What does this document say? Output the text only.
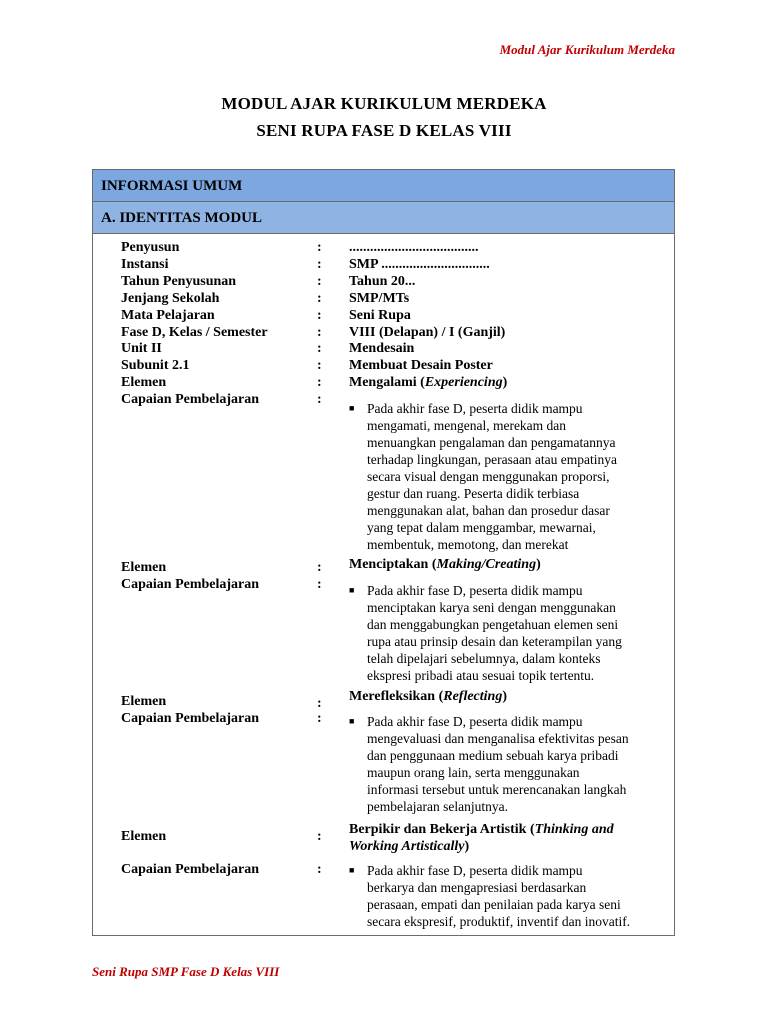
Modul Ajar Kurikulum Merdeka
MODUL AJAR KURIKULUM MERDEKA
SENI RUPA FASE D KELAS VIII
INFORMASI UMUM
A. IDENTITAS MODUL
Penyusun	: .....................................
Instansi	: SMP ...............................
Tahun Penyusunan	: Tahun 20...
Jenjang Sekolah	: SMP/MTs
Mata Pelajaran	: Seni Rupa
Fase D, Kelas / Semester	: VIII (Delapan) / I (Ganjil)
Unit II	: Mendesain
Subunit 2.1	: Membuat Desain Poster
Elemen	: Mengalami (Experiencing)
Capaian Pembelajaran	:
■ Pada akhir fase D, peserta didik mampu
mengamati, mengenal, merekam dan
menuangkan pengalaman dan pengamatannya
terhadap lingkungan, perasaan atau empatinya
secara visual dengan menggunakan proporsi,
gestur dan ruang. Peserta didik terbiasa
menggunakan alat, bahan dan prosedur dasar
yang tepat dalam menggambar, mewarnai,
membentuk, memotong, dan merekat
Elemen	: Menciptakan (Making/Creating)
Capaian Pembelajaran	:	■ Pada akhir fase D, peserta didik mampu
menciptakan karya seni dengan menggunakan
dan menggabungkan pengetahuan elemen seni
rupa atau prinsip desain dan keterampilan yang
telah dipelajari sebelumnya, dalam konteks
ekspresi pribadi atau sesuai topik tertentu.
Elemen	: Merefleksikan (Reflecting)
Capaian Pembelajaran	:	■ Pada akhir fase D, peserta didik mampu
mengevaluasi dan menganalisa efektivitas pesan
dan penggunaan medium sebuah karya pribadi
maupun orang lain, serta menggunakan
informasi tersebut untuk merencanakan langkah
pembelajaran selanjutnya.
Elemen	: Berpikir dan Bekerja Artistik (Thinking and
Working Artistically)
Capaian Pembelajaran	:	■ Pada akhir fase D, peserta didik mampu
berkarya dan mengapresiasi berdasarkan
perasaan, empati dan penilaian pada karya seni
secara ekspresif, produktif, inventif dan inovatif.
Seni Rupa SMP Fase D Kelas VIII
